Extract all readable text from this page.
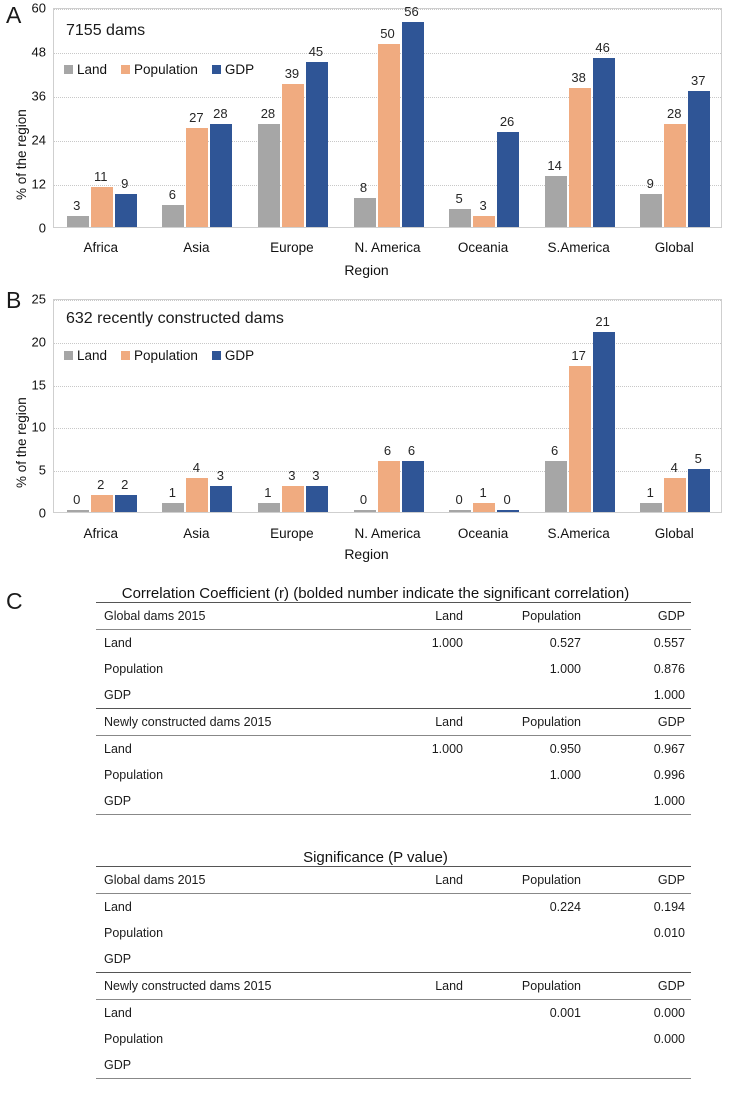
A
B
C
% of the region
7155 dams
Land Population GDP
Region
0
12
24
36
48
60
3
11 9
Africa
6
27 28
Asia
28
39
45
Europe
8
50
56
N. America
5 3
26
Oceania
14
38
46
S.America
9
28
37
Global
% of the region
632 recently constructed dams
Land Population GDP
Region
0
5
10
15
20
25
0
2 2
Africa
1
4
3
Asia
1
3 3
Europe
0
6 6
N. America
0 1 0
Oceania
6
17
21
S.America
1
4
5
Global
Correlation Coefficient (r) (bolded number indicate the significant correlation)
Global dams 2015	Land	Population	GDP
Land	1.000	0.527	0.557
Population		1.000	0.876
GDP			1.000
Newly constructed dams 2015	Land	Population	GDP
Land	1.000	0.950	0.967
Population		1.000	0.996
GDP			1.000
Significance (P value)
Global dams 2015	Land	Population	GDP
Land		0.224	0.194
Population			0.010
GDP			
Newly constructed dams 2015	Land	Population	GDP
Land		0.001	0.000
Population			0.000
GDP			
